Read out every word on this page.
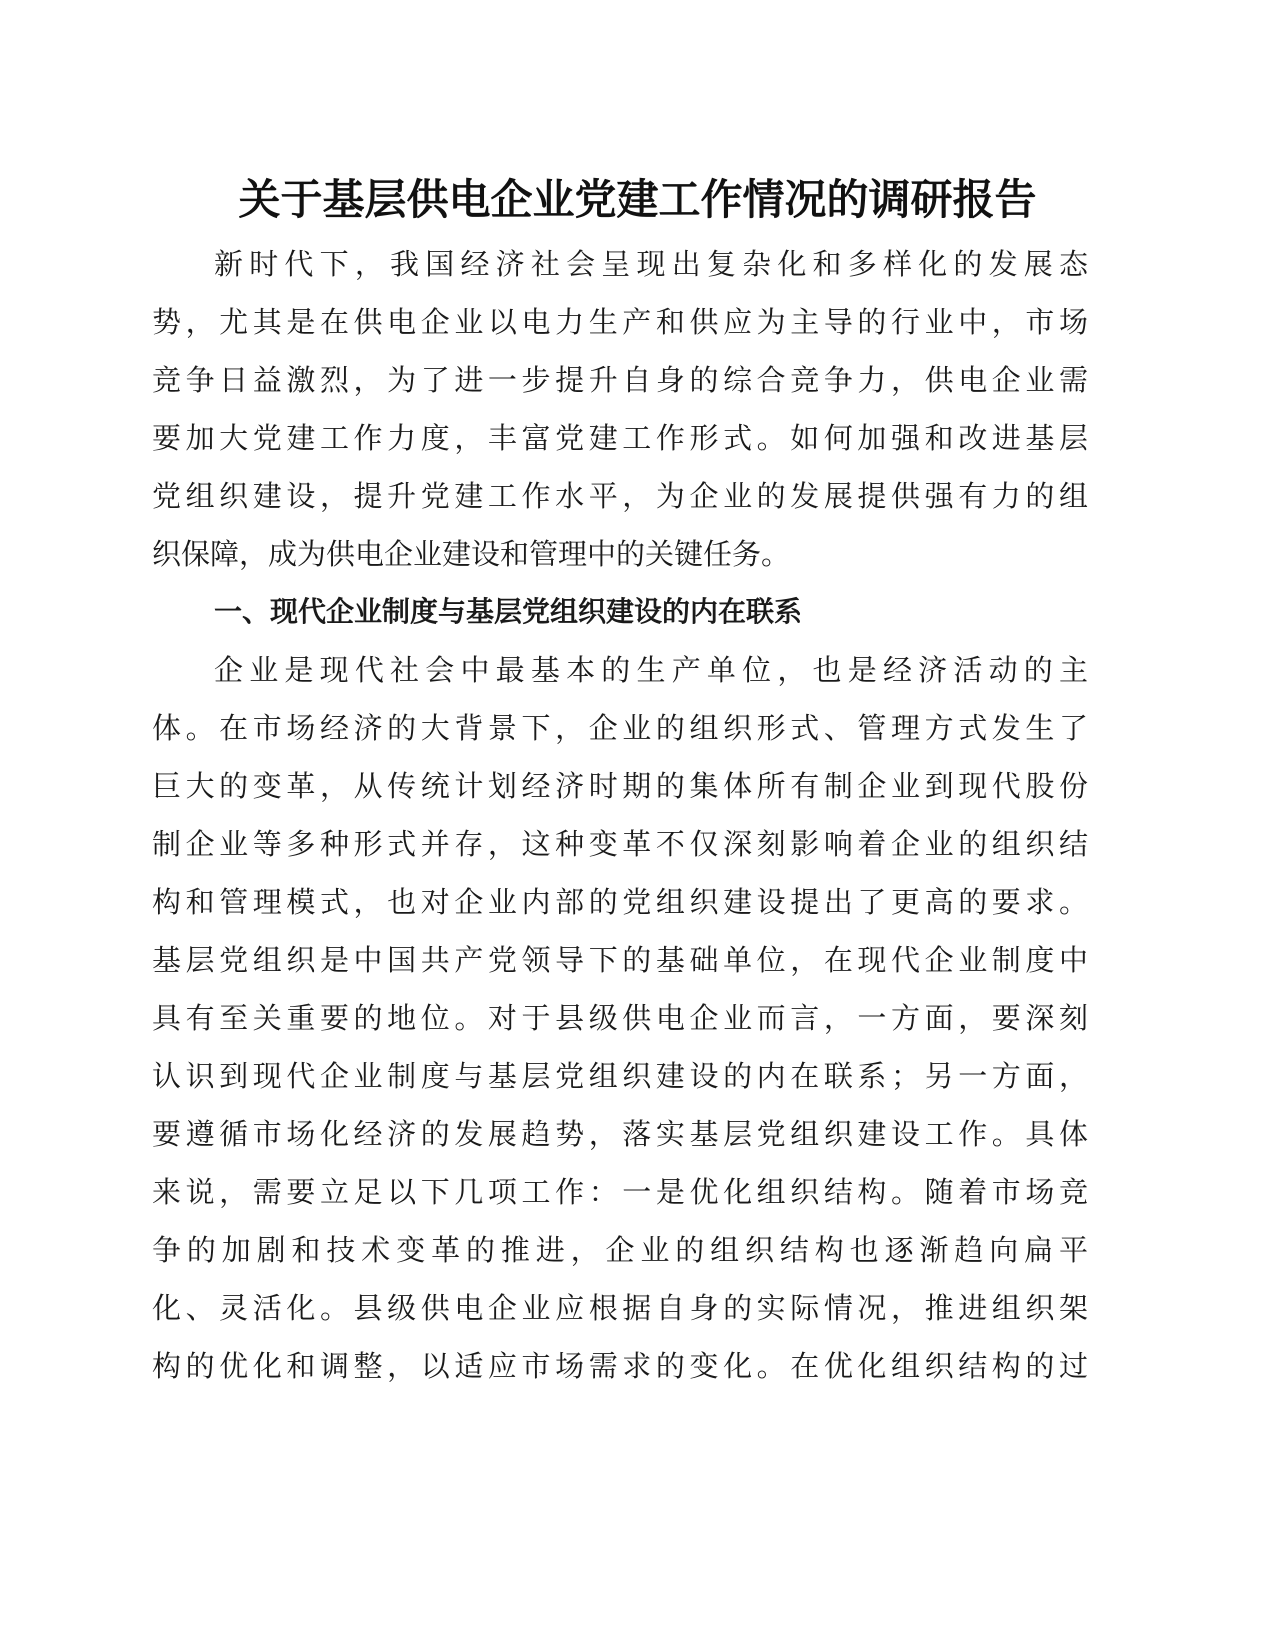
关于基层供电企业党建工作情况的调研报告
新时代下，我国经济社会呈现出复杂化和多样化的发展态
势，尤其是在供电企业以电力生产和供应为主导的行业中，市场
竞争日益激烈，为了进一步提升自身的综合竞争力，供电企业需
要加大党建工作力度，丰富党建工作形式。如何加强和改进基层
党组织建设，提升党建工作水平，为企业的发展提供强有力的组
织保障，成为供电企业建设和管理中的关键任务。
一、现代企业制度与基层党组织建设的内在联系
企业是现代社会中最基本的生产单位，也是经济活动的主
体。在市场经济的大背景下，企业的组织形式、管理方式发生了
巨大的变革，从传统计划经济时期的集体所有制企业到现代股份
制企业等多种形式并存，这种变革不仅深刻影响着企业的组织结
构和管理模式，也对企业内部的党组织建设提出了更高的要求。
基层党组织是中国共产党领导下的基础单位，在现代企业制度中
具有至关重要的地位。对于县级供电企业而言，一方面，要深刻
认识到现代企业制度与基层党组织建设的内在联系；另一方面，
要遵循市场化经济的发展趋势，落实基层党组织建设工作。具体
来说，需要立足以下几项工作：一是优化组织结构。随着市场竞
争的加剧和技术变革的推进，企业的组织结构也逐渐趋向扁平
化、灵活化。县级供电企业应根据自身的实际情况，推进组织架
构的优化和调整，以适应市场需求的变化。在优化组织结构的过
